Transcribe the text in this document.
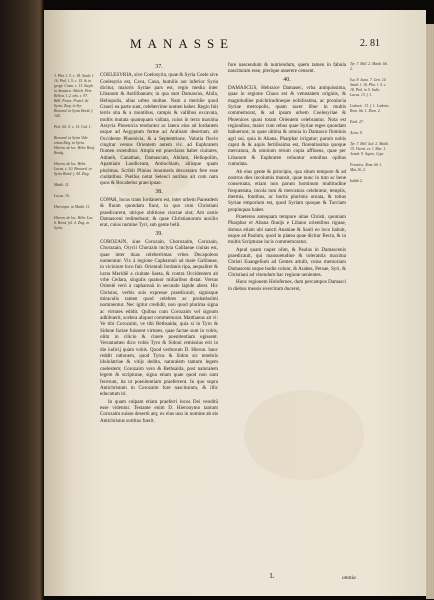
MANASSE	2. 81
37.

COELESYRIA, sive Coelosyria, quae & Syria Coele sive Coelesyria est, Cava, Caua, humilis aut inferior Syria dicitur, maioris Syriae pars est, regio media inter Libanum & Antilibanum; in qua sunt Damascus, Abila, Heliopolis, alias urbes multae. Nam a meridie quod Graeci ea parte sunt, celeberrime nomen habet. Regio fuit terris sita & a montibus, campis & vallibus excavata, multis mutata quamquam vallata, cuius in terra maxima Assyria Phoenicia tenduntur ac latera eius ad Iordanem usque ad Aegyptum ferme ad Arabiam desertam, ab Occidente Phoenicia, & a Septentrione, Valutia fluvio cingitur versus Orientem autem vic. ad Euphratem flumen extenditur. Ampla est praeclaras habet ciuitates, Adraeh, Canathan, Damascum, Abilam, Heliopolim, Apamiam Laodiceam, Antiochiam, aliisque quam plurimas. Scribit Plinius innumeris decoratam fere esse ciuitatibus. Psellus notat Seleuci auribus ait cum natu quos & Bocabelus praecipuae.

38.

COPAR, locus trans Iordanem est, inter urbem Paneadem & fluum quondam fiunt, in quo cum Christiani praedicarent, utrique oblitione cinctae sint; Am orstis Damasceni redimebant; & quae Christianorum auxilio erat, cuius nomine Tyri, sub gente belli.

39.

COROZAIN, siue Corozain, Chorozaim, Corozain, Chorazain, Orycii Chorazin inclyta Galilaeae ciuitas est, quae inter duas celeberrimas vrbes Decapoleos numeratur. Vix à regione Capharnaū ad mare Galilaeae, in viciniore loco fuit. Orientali Iordanis ripa, aequaliter & iuxta Meridiē a ciuitate Saeta, & contra Occidentem ab vrbe Cedara, singulis quatuor miliaribus distat. Versus Orientē verò à capharnaū in secundo lapide abest. Hic Christus, verbis suis expresse praedicauit, signisque miraculis tamen quod celebres ac probatissimi nominentur. Nec igitur credidit, non quod plurima signa ac virtutes edidit. Quibus cum Corozaim vel signum adhibuerit, scelera aliquot commemorat. Matthaeus ait vi: Ve tibi Corozaim, ve tibi Bethsaida; quia si in Tyro & Sidone factae fuissent virtutes, quae factae sunt in vobis, olim in cilicio & cinere poenitentiam egissent. Veruntamen dico vobis Tyro & Sidoni remissius erit in die iudicij quàm vobis. Quod verborum D. Hieron. hanc reddit rationem, quod Tyrus & Sidon sic tenebris idololatriae & vitijs dedita, naturalem tantum legem caelestem; Corozaim vero & Bethsaida, post naturalem legem & scripturae, signa etiam quae quod non sunt fecerunt, ita ut poenitentiam praeferrent. In quo supra Antichristum in Corozaim fore nasciturum, & illic educatum iri.

In quam culpam etiam praeferri locos Dei venditū esse videntur. Testante enim D. Hieronymo tantum Corozaim suisse desertū atq; ex eius uno in nomine ab eis Antichristus sortitus fuerit.

fore nascendum & nutriendum, quem tamen in fabula nascituram esse, plerique asserere censent.

40.

DAMASCUS, Hebraice Damasec, vrba antiquissima, quae in regione Chaos est & vetustatem originis, & magnitudine pulchritudineque nobilissima, ac prouincia Syriae metropolis, quam sacer liber in multis commemorat, & ad ipsam urbem Coelesyriae & Phoenices quasi totam Orientem celebrantur. Nota est regionibus, maior cum rebus quae Syriae reges quondam habuerunt; in quae ultima & omnia in Damasco fluminis agri sui, quia in Abana, Pharphar irrigatur; parum nobis caput & & aquis fertilissima est, florentissima quoque mercatura, & omnium rerum copia affluens, quae per Libanum & Euphraten vehuntur omnibus opibus cumulata.

Ab eius gente & principio, qua situm tempore & ad nostros dies incolumis mansit, quae nunc in tuto ac bene conseruata, etiam non parum hominum multitudine frequentata, incola tum & mercatura celebratur, templis, thermis, fontibus, ac hortis plurimis ornata, & totius Syriae emporium est, quod Syriam quoque & Turciam propinquas habet.

Praeterea antequam tempore uitae Christi, quoniam Pharphar et Abana fluuijs e Libano orientibus riguae, domus etiam ubi sancti Ananiae & Sauli eo loco habuit, usque ad Paulum, quod in platea quae dicitur Recta, & in multis Scripturae locis commemoratur.

Apud quam nuper olim, & Paulus in Damascenis praedicauit, qui mansuetudine & tolerantia maxima Christi Euangelium ad Gentes attulit, cuius memoriam Damasceni usque hodie colunt, & Arabes, Persae, Syri, & Christiani ad visendum hac regione uenientes.

Hunc regionem Holofernes, dum percampos Damasci in diebus messis exercitum duceret,

3. Plin. l. 5. c. 18. Strab. l. 16. Ptol. l. 5. c. 15. & in geogr. Cosm. c. 13. Steph. in Amusieo. Adrich. Petr. Bellon. l. 2. obs. c. 97. Bibl. Franc. Postel. de Syria. Zieg. in Syr. Brocard. in Syria Breid. f. 144.
Ptol. lib. 5. c. 15. Gal. 1.
Brocard. in Syria Vide etiam Zieg. in Syria. Hieron. de loc. Hebr. Bonf. Bredg.
Hieron. de loc. Hebr. Lucas. c. 10. Brocard. in Syria Breid. f. 44. Zieg.
Matth. 11.
Lucas. 10.
Hieronym. in Matth. 11.
Hieron. de loc. Hebr. Luc. 6. Breid. fol. 4. Zieg. in Syria.
Tyr. 7. Bell. 2. Matth. lib. 2.
Isa. 8. Isaia. 7. Gen. 14. Strab. l. 16. Plin. l. 5. c. 18. Ptol. in 5. Indic. Lucas. 13. f. 1.
Lodovic. 13. f. 1. Lodovic. Rom. lib. 1. Dom. 2.
Ezek. 27.
Actor. 9.
Tyr. 7. Bell. Iud. 2. Matth. 15. Vicent. ex. l. Mar. 1. Jonah. 9. Aquin. Cypr.
Francisc. Rom. lib 1. Mat.16. 2.
Iudith 2.
L	omnia
